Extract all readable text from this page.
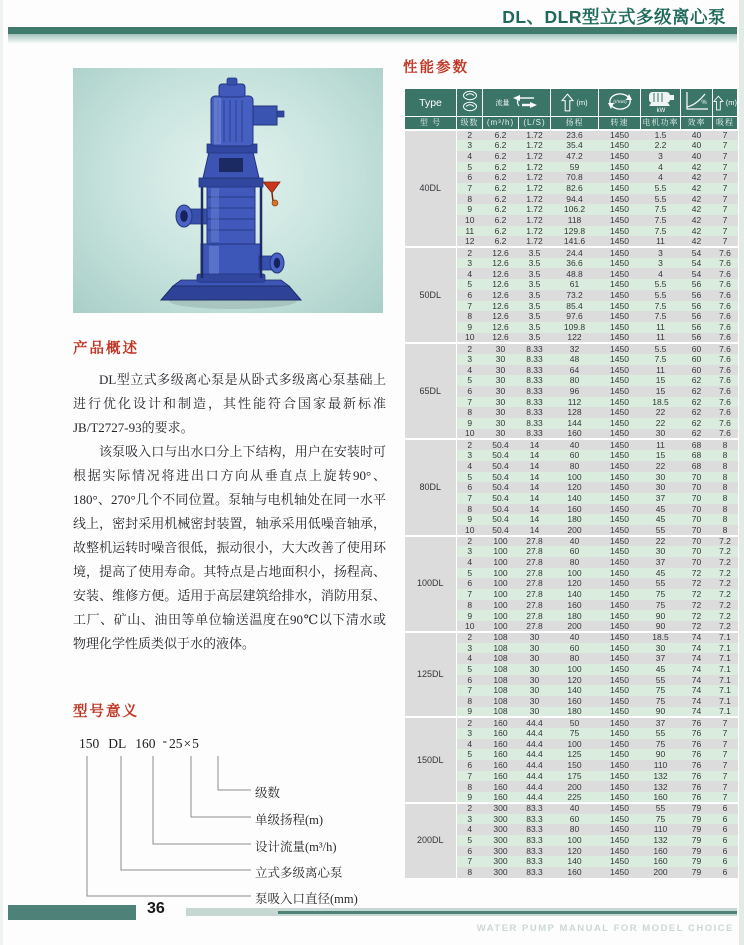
DL、DLR型立式多级离心泵
产品概述

DL型立式多级离心泵是从卧式多级离心泵基础上进行优化设计和制造，其性能符合国家最新标准JB/T2727-93的要求。

该泵吸入口与出水口分上下结构，用户在安装时可根据实际情况将进出口方向从垂直点上旋转90°、180°、270°几个不同位置。泵轴与电机轴处在同一水平线上，密封采用机械密封装置，轴承采用低噪音轴承，故整机运转时噪音很低，振动很小，大大改善了使用环境，提高了使用寿命。其特点是占地面积小，扬程高、安装、维修方便。适用于高层建筑给排水，消防用泵、工厂、矿山、油田等单位输送温度在90℃以下清水或物理化学性质类似于水的液体。

型号意义
150 DL 160 - 25×5
级数
单级扬程(m)
设计流量(m³/h)
立式多级离心泵
泵吸入口直径(mm)
性能参数
Type		流量		(m)	(r/min)	kW	%	(m)

型 号	级数	(m³/h)	(L/S)	扬程	转速	电机功率	效率	吸程
40DL	2	6.2	1.72	23.6	1450	1.5	40	7
	3	6.2	1.72	35.4	1450	2.2	40	7
	4	6.2	1.72	47.2	1450	3	40	7
	5	6.2	1.72	59	1450	4	42	7
	6	6.2	1.72	70.8	1450	4	42	7
	7	6.2	1.72	82.6	1450	5.5	42	7
	8	6.2	1.72	94.4	1450	5.5	42	7
	9	6.2	1.72	106.2	1450	7.5	42	7
	10	6.2	1.72	118	1450	7.5	42	7
	11	6.2	1.72	129.8	1450	7.5	42	7
	12	6.2	1.72	141.6	1450	11	42	7
50DL	2	12.6	3.5	24.4	1450	3	54	7.6
	3	12.6	3.5	36.6	1450	3	54	7.6
	4	12.6	3.5	48.8	1450	4	54	7.6
	5	12.6	3.5	61	1450	5.5	56	7.6
	6	12.6	3.5	73.2	1450	5.5	56	7.6
	7	12.6	3.5	85.4	1450	7.5	56	7.6
	8	12.6	3.5	97.6	1450	7.5	56	7.6
	9	12.6	3.5	109.8	1450	11	56	7.6
	10	12.6	3.5	122	1450	11	56	7.6
65DL	2	30	8.33	32	1450	5.5	60	7.6
	3	30	8.33	48	1450	7.5	60	7.6
	4	30	8.33	64	1450	11	60	7.6
	5	30	8.33	80	1450	15	62	7.6
	6	30	8.33	96	1450	15	62	7.6
	7	30	8.33	112	1450	18.5	62	7.6
	8	30	8.33	128	1450	22	62	7.6
	9	30	8.33	144	1450	22	62	7.6
	10	30	8.33	160	1450	30	62	7.6
80DL	2	50.4	14	40	1450	11	68	8
	3	50.4	14	60	1450	15	68	8
	4	50.4	14	80	1450	22	68	8
	5	50.4	14	100	1450	30	70	8
	6	50.4	14	120	1450	30	70	8
	7	50.4	14	140	1450	37	70	8
	8	50.4	14	160	1450	45	70	8
	9	50.4	14	180	1450	45	70	8
	10	50.4	14	200	1450	55	70	8
100DL	2	100	27.8	40	1450	22	70	7.2
	3	100	27.8	60	1450	30	70	7.2
	4	100	27.8	80	1450	37	70	7.2
	5	100	27.8	100	1450	45	72	7.2
	6	100	27.8	120	1450	55	72	7.2
	7	100	27.8	140	1450	75	72	7.2
	8	100	27.8	160	1450	75	72	7.2
	9	100	27.8	180	1450	90	72	7.2
	10	100	27.8	200	1450	90	72	7.2
125DL	2	108	30	40	1450	18.5	74	7.1
	3	108	30	60	1450	30	74	7.1
	4	108	30	80	1450	37	74	7.1
	5	108	30	100	1450	45	74	7.1
	6	108	30	120	1450	55	74	7.1
	7	108	30	140	1450	75	74	7.1
	8	108	30	160	1450	75	74	7.1
	9	108	30	180	1450	90	74	7.1
150DL	2	160	44.4	50	1450	37	76	7
	3	160	44.4	75	1450	55	76	7
	4	160	44.4	100	1450	75	76	7
	5	160	44.4	125	1450	90	76	7
	6	160	44.4	150	1450	110	76	7
	7	160	44.4	175	1450	132	76	7
	8	160	44.4	200	1450	132	76	7
	9	160	44.4	225	1450	160	76	7
200DL	2	300	83.3	40	1450	55	79	6
	3	300	83.3	60	1450	75	79	6
	4	300	83.3	80	1450	110	79	6
	5	300	83.3	100	1450	132	79	6
	6	300	83.3	120	1450	160	79	6
	7	300	83.3	140	1450	160	79	6
	8	300	83.3	160	1450	200	79	6
36
WATER PUMP MANUAL FOR MODEL CHOICE
